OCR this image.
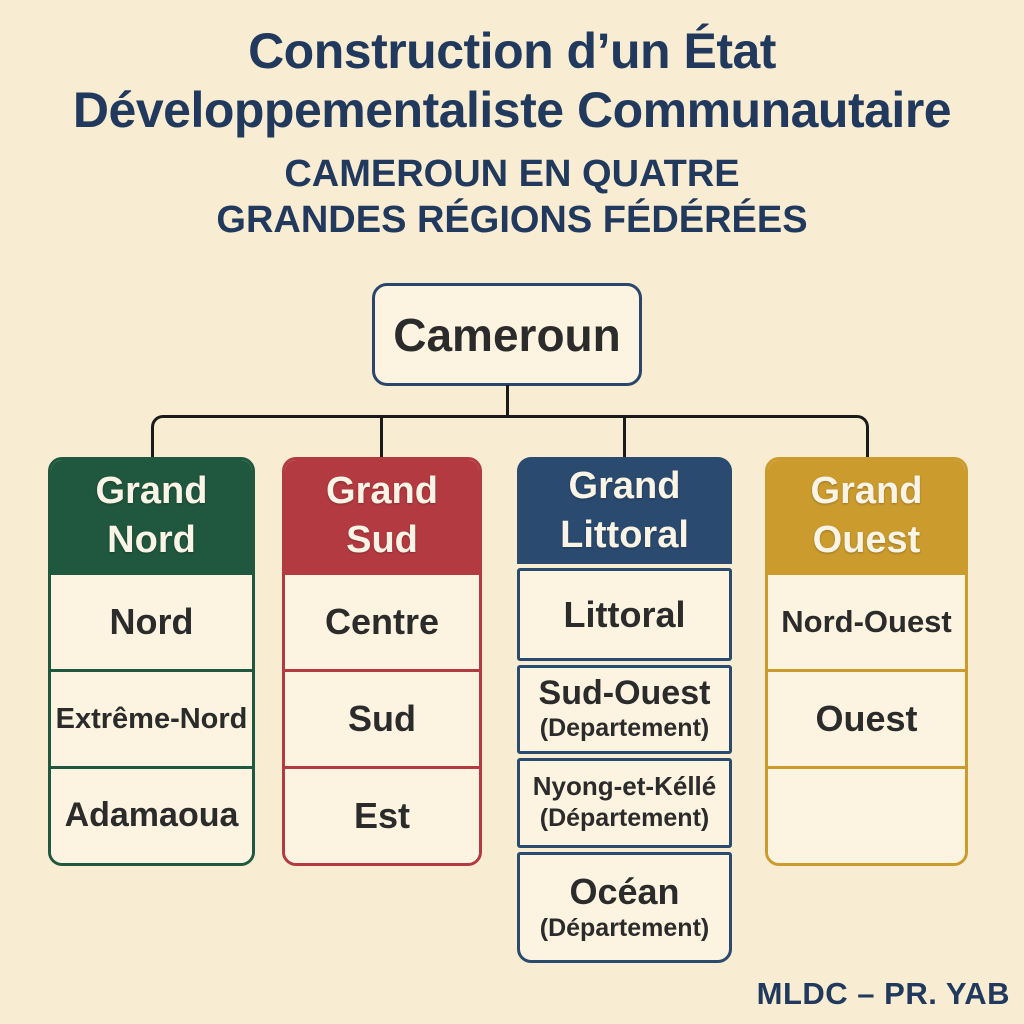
Construction d’un État
Développementaliste Communautaire
CAMEROUN EN QUATRE
GRANDES RÉGIONS FÉDÉRÉES
Cameroun
Grand
Nord
Nord
Extrême-Nord
Adamaoua
Grand
Sud
Centre
Sud
Est
Grand
Littoral
Littoral
Sud-Ouest
(Departement)
Nyong-et-Kéllé
(Département)
Océan
(Département)
Grand
Ouest
Nord-Ouest
Ouest
MLDC – PR. YAB
